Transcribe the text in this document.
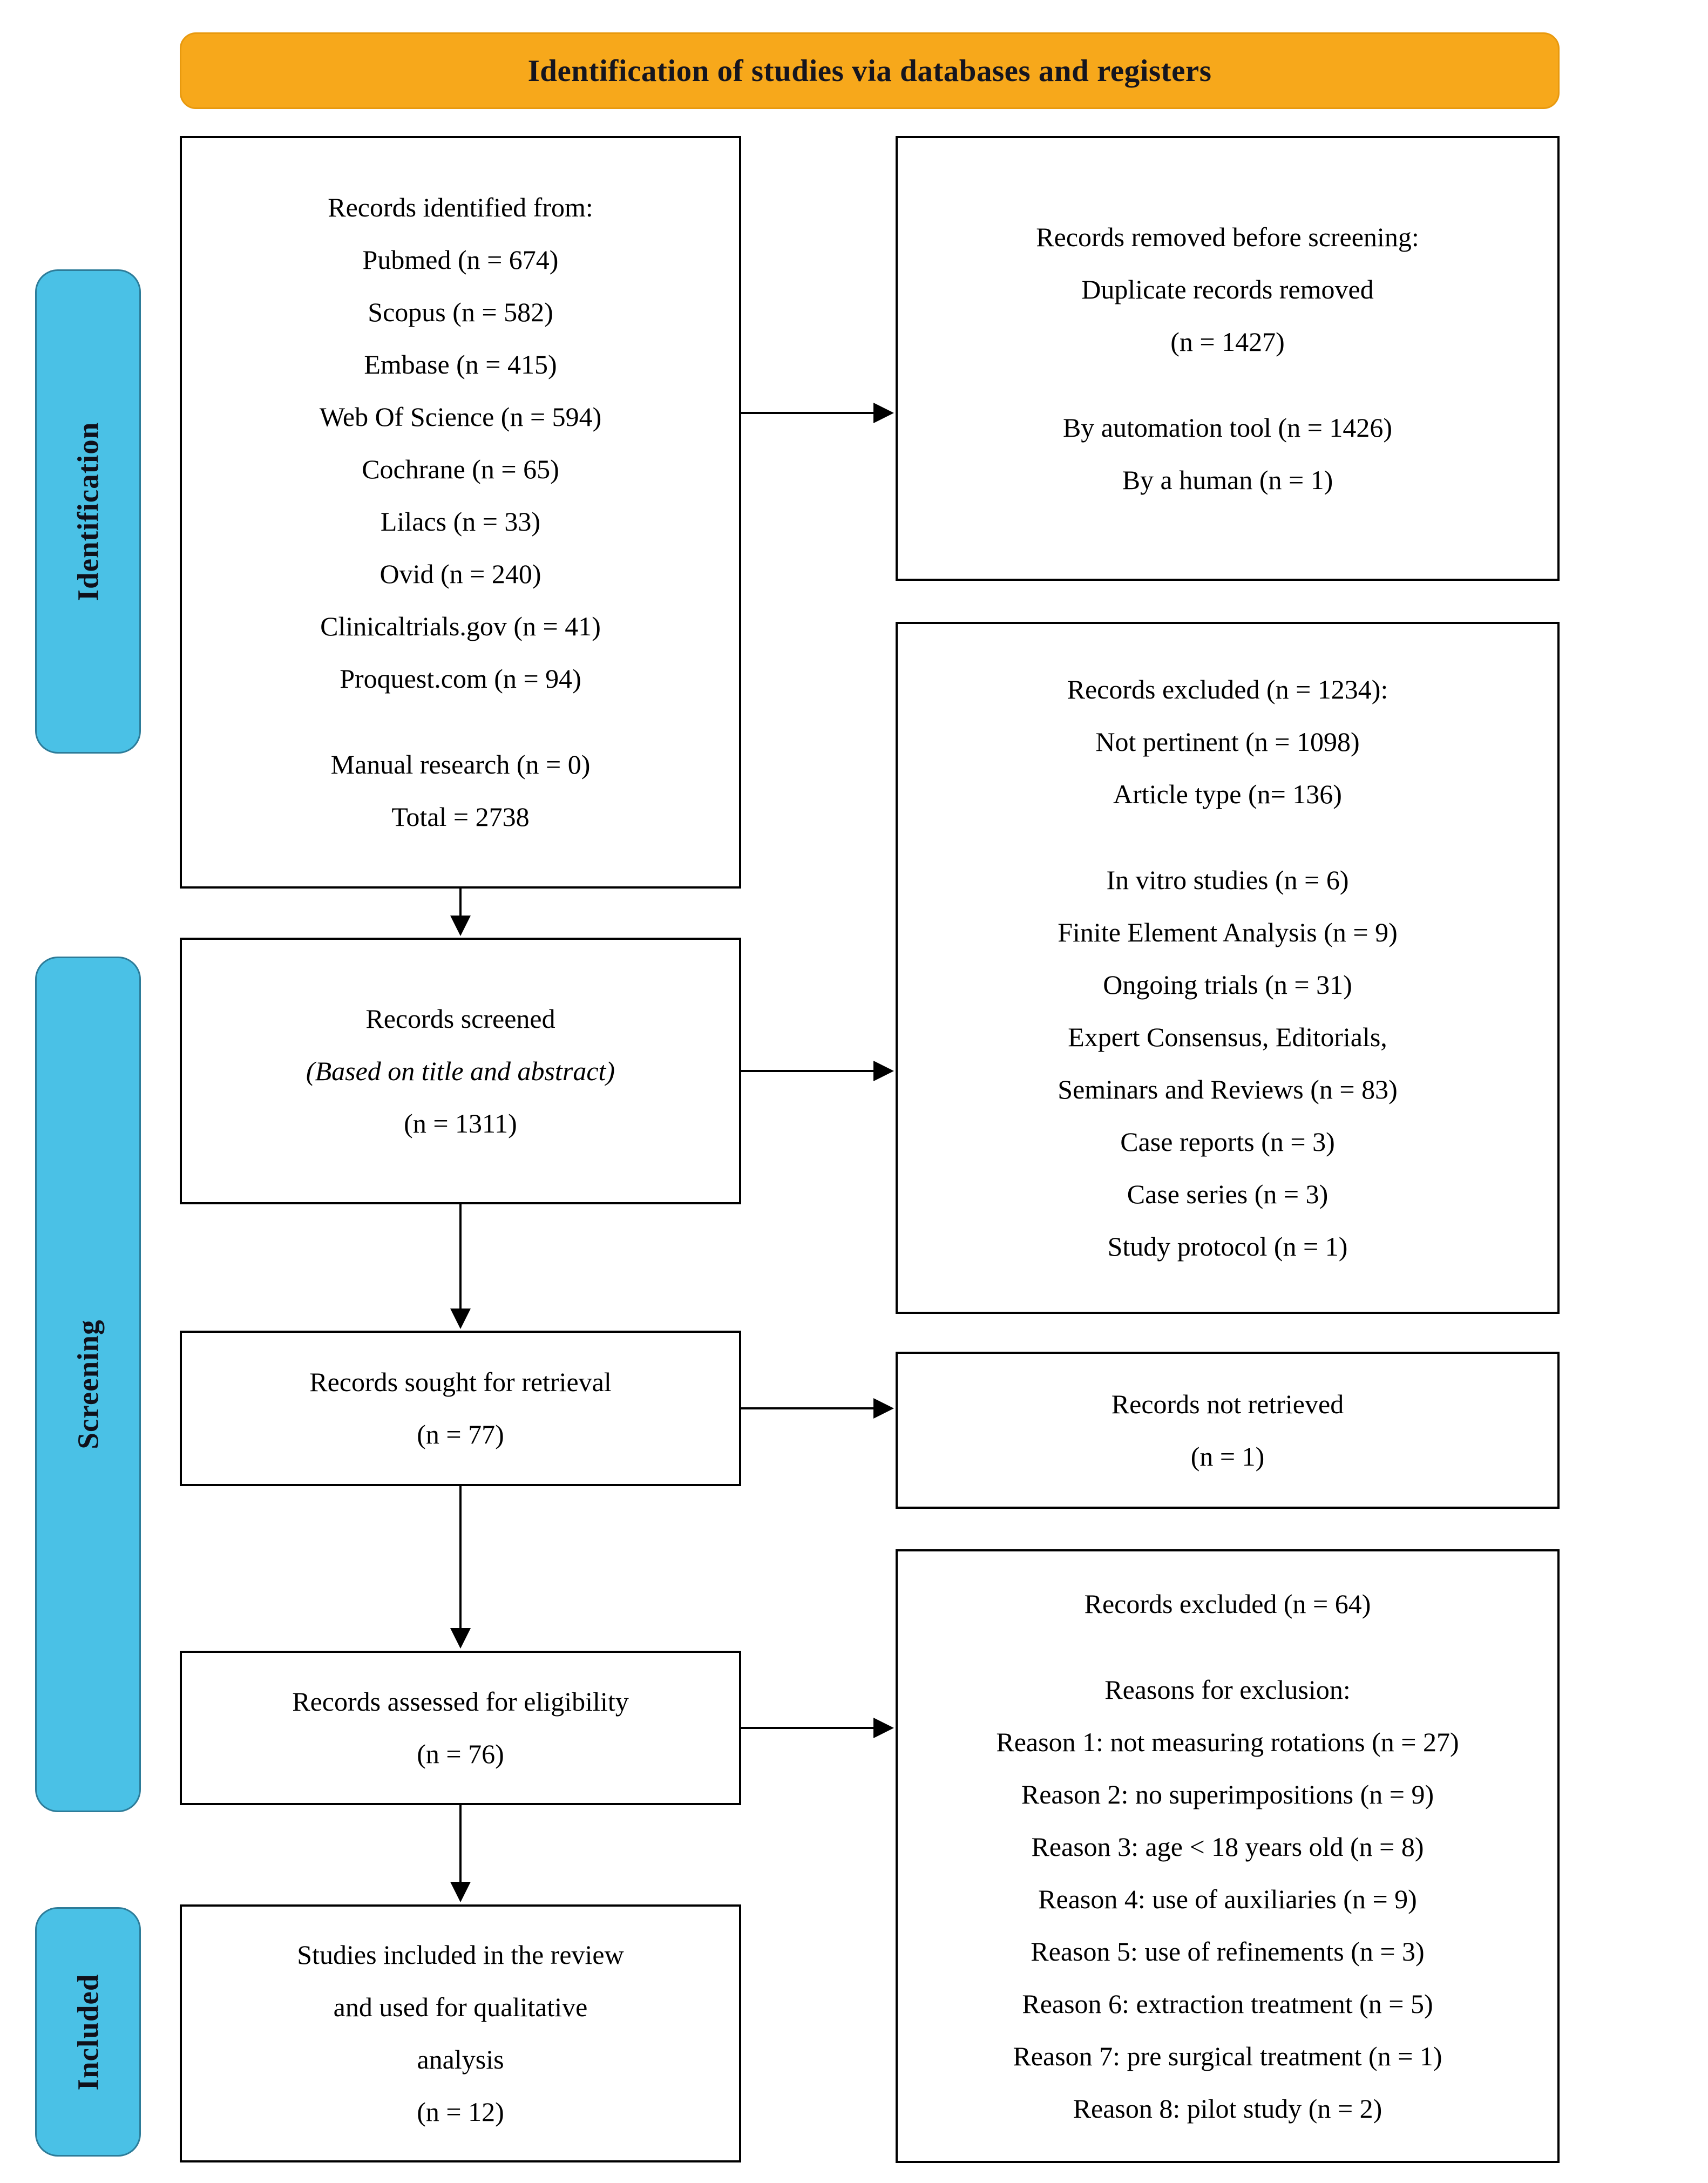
Identification of studies via databases and registers
Identification
Screening
Included
Records identified from:
Pubmed (n = 674)
Scopus (n = 582)
Embase (n = 415)
Web Of Science (n = 594)
Cochrane (n = 65)
Lilacs (n = 33)
Ovid (n = 240)
Clinicaltrials.gov (n = 41)
Proquest.com (n = 94)
Manual research (n = 0)
Total = 2738
Records removed before screening:
Duplicate records removed
(n = 1427)
By automation tool (n = 1426)
By a human (n = 1)
Records screened
(Based on title and abstract)
(n = 1311)
Records excluded (n = 1234):
Not pertinent (n = 1098)
Article type (n= 136)
In vitro studies (n = 6)
Finite Element Analysis (n = 9)
Ongoing trials (n = 31)
Expert Consensus, Editorials,
Seminars and Reviews (n = 83)
Case reports (n = 3)
Case series (n = 3)
Study protocol (n = 1)
Records sought for retrieval
(n = 77)
Records not retrieved
(n = 1)
Records assessed for eligibility
(n = 76)
Records excluded (n = 64)
Reasons for exclusion:
Reason 1: not measuring rotations (n = 27)
Reason 2: no superimpositions (n = 9)
Reason 3: age < 18 years old (n = 8)
Reason 4: use of auxiliaries (n = 9)
Reason 5: use of refinements (n = 3)
Reason 6: extraction treatment (n = 5)
Reason 7: pre surgical treatment (n = 1)
Reason 8: pilot study (n = 2)
Studies included in the review
and used for qualitative
analysis
(n = 12)
